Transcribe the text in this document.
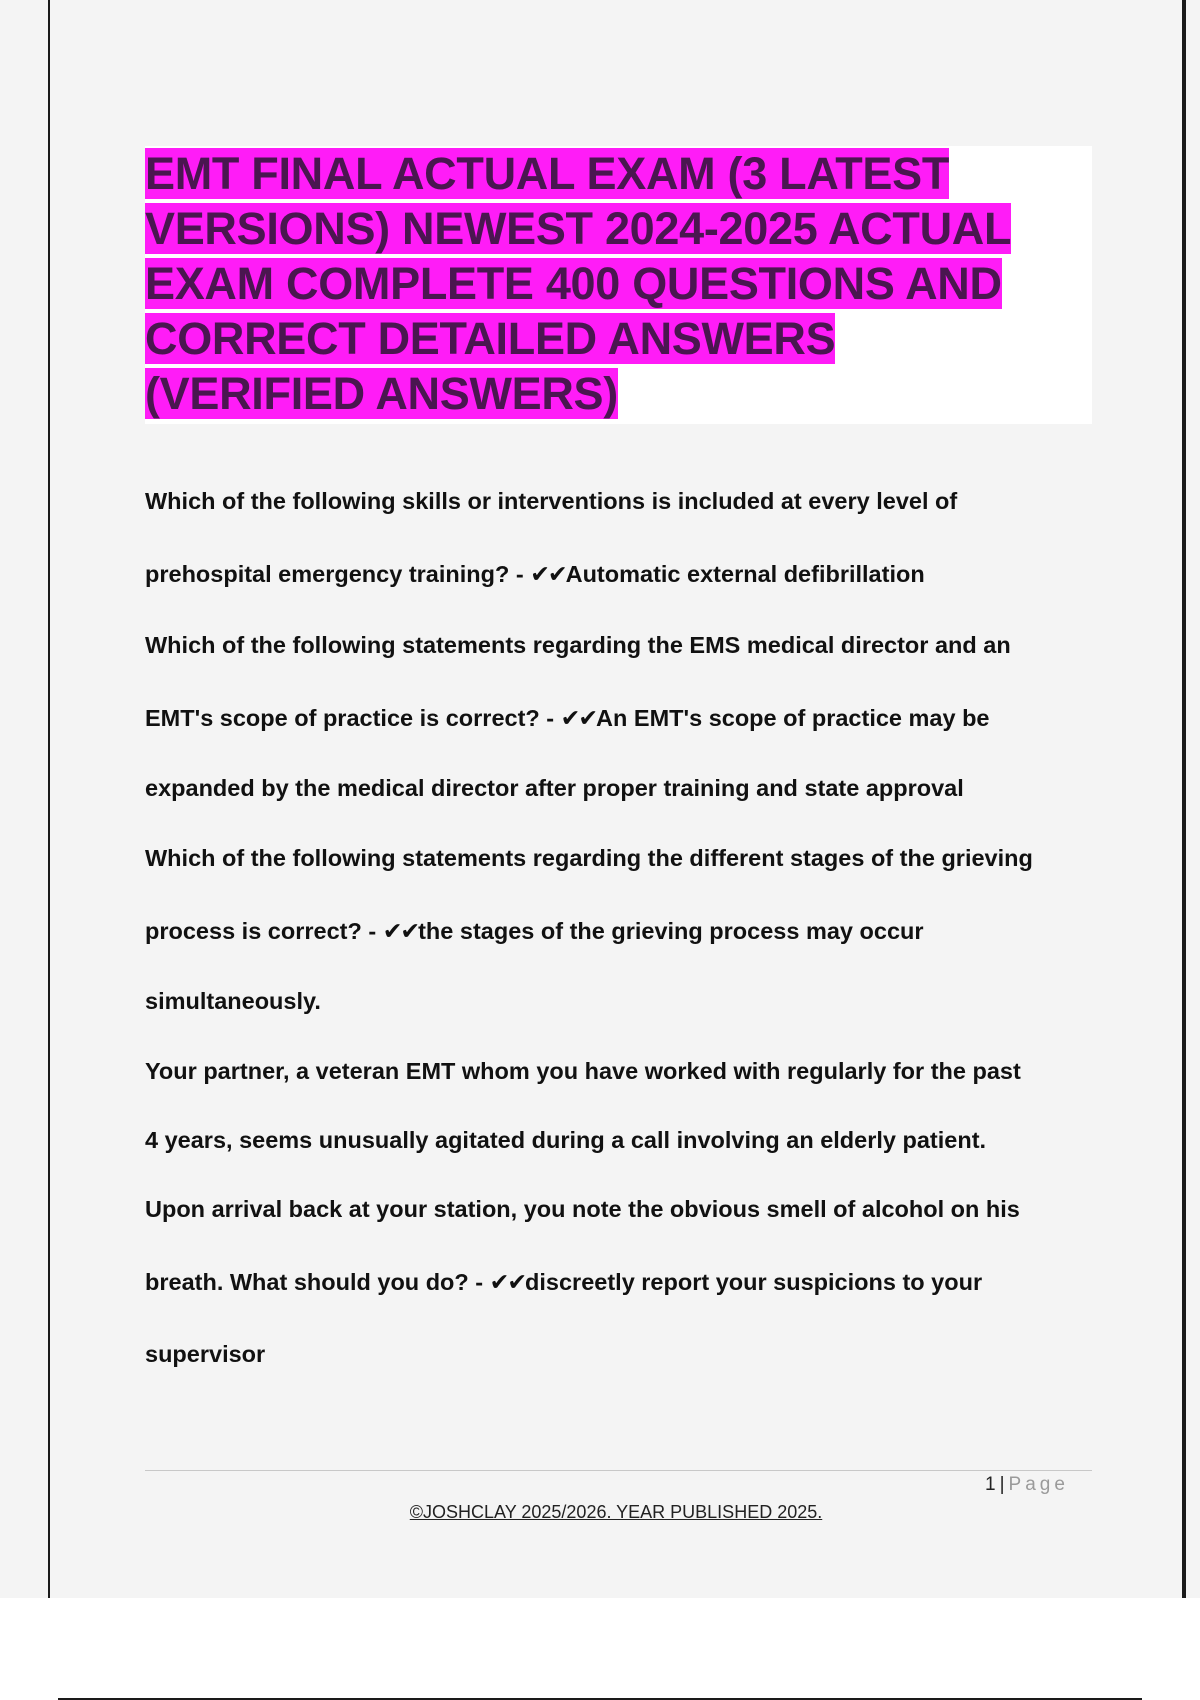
EMT FINAL ACTUAL EXAM (3 LATEST
VERSIONS) NEWEST 2024-2025 ACTUAL
EXAM COMPLETE 400 QUESTIONS AND
CORRECT DETAILED ANSWERS
(VERIFIED ANSWERS)
Which of the following skills or interventions is included at every level of
prehospital emergency training? - ✔✔Automatic external defibrillation
Which of the following statements regarding the EMS medical director and an
EMT's scope of practice is correct? - ✔✔An EMT's scope of practice may be
expanded by the medical director after proper training and state approval
Which of the following statements regarding the different stages of the grieving
process is correct? - ✔✔the stages of the grieving process may occur
simultaneously.
Your partner, a veteran EMT whom you have worked with regularly for the past
4 years, seems unusually agitated during a call involving an elderly patient.
Upon arrival back at your station, you note the obvious smell of alcohol on his
breath. What should you do? - ✔✔discreetly report your suspicions to your
supervisor
1 | Page
©JOSHCLAY 2025/2026. YEAR PUBLISHED 2025.
